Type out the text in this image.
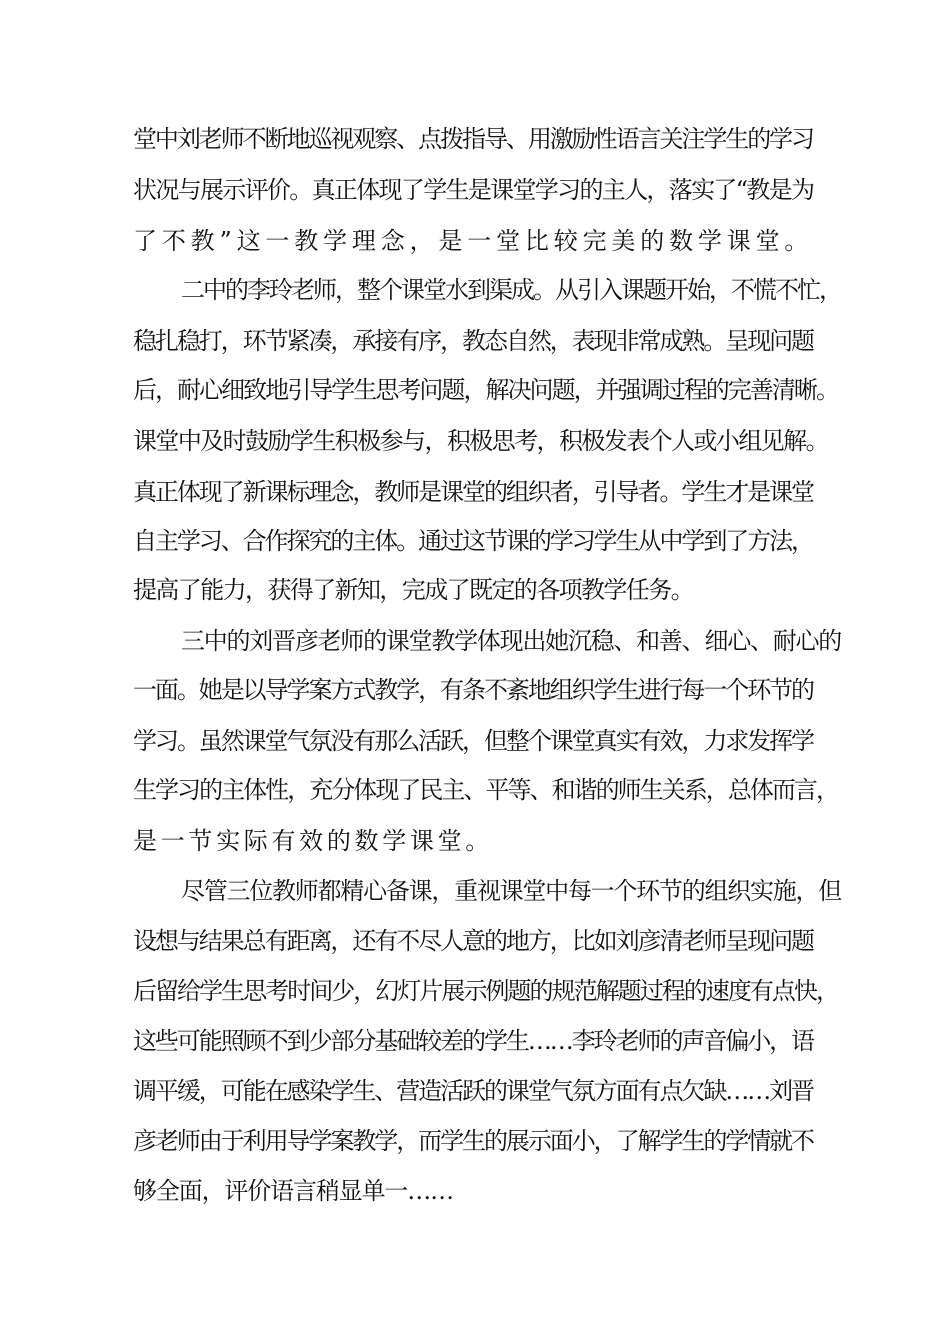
堂中刘老师不断地巡视观察、点拨指导、用激励性语言关注学生的学习
状况与展示评价。真正体现了学生是课堂学习的主人，落实了“教是为
了不教”这一教学理念，是一堂比较完美的数学课堂。
二中的李玲老师，整个课堂水到渠成。从引入课题开始，不慌不忙，
稳扎稳打，环节紧凑，承接有序，教态自然，表现非常成熟。呈现问题
后，耐心细致地引导学生思考问题，解决问题，并强调过程的完善清晰。
课堂中及时鼓励学生积极参与，积极思考，积极发表个人或小组见解。
真正体现了新课标理念，教师是课堂的组织者，引导者。学生才是课堂
自主学习、合作探究的主体。通过这节课的学习学生从中学到了方法，
提高了能力，获得了新知，完成了既定的各项教学任务。
三中的刘晋彦老师的课堂教学体现出她沉稳、和善、细心、耐心的
一面。她是以导学案方式教学，有条不紊地组织学生进行每一个环节的
学习。虽然课堂气氛没有那么活跃，但整个课堂真实有效，力求发挥学
生学习的主体性，充分体现了民主、平等、和谐的师生关系，总体而言，
是一节实际有效的数学课堂。
尽管三位教师都精心备课，重视课堂中每一个环节的组织实施，但
设想与结果总有距离，还有不尽人意的地方，比如刘彦清老师呈现问题
后留给学生思考时间少，幻灯片展示例题的规范解题过程的速度有点快，
这些可能照顾不到少部分基础较差的学生……李玲老师的声音偏小，语
调平缓，可能在感染学生、营造活跃的课堂气氛方面有点欠缺……刘晋
彦老师由于利用导学案教学，而学生的展示面小，了解学生的学情就不
够全面，评价语言稍显单一……
